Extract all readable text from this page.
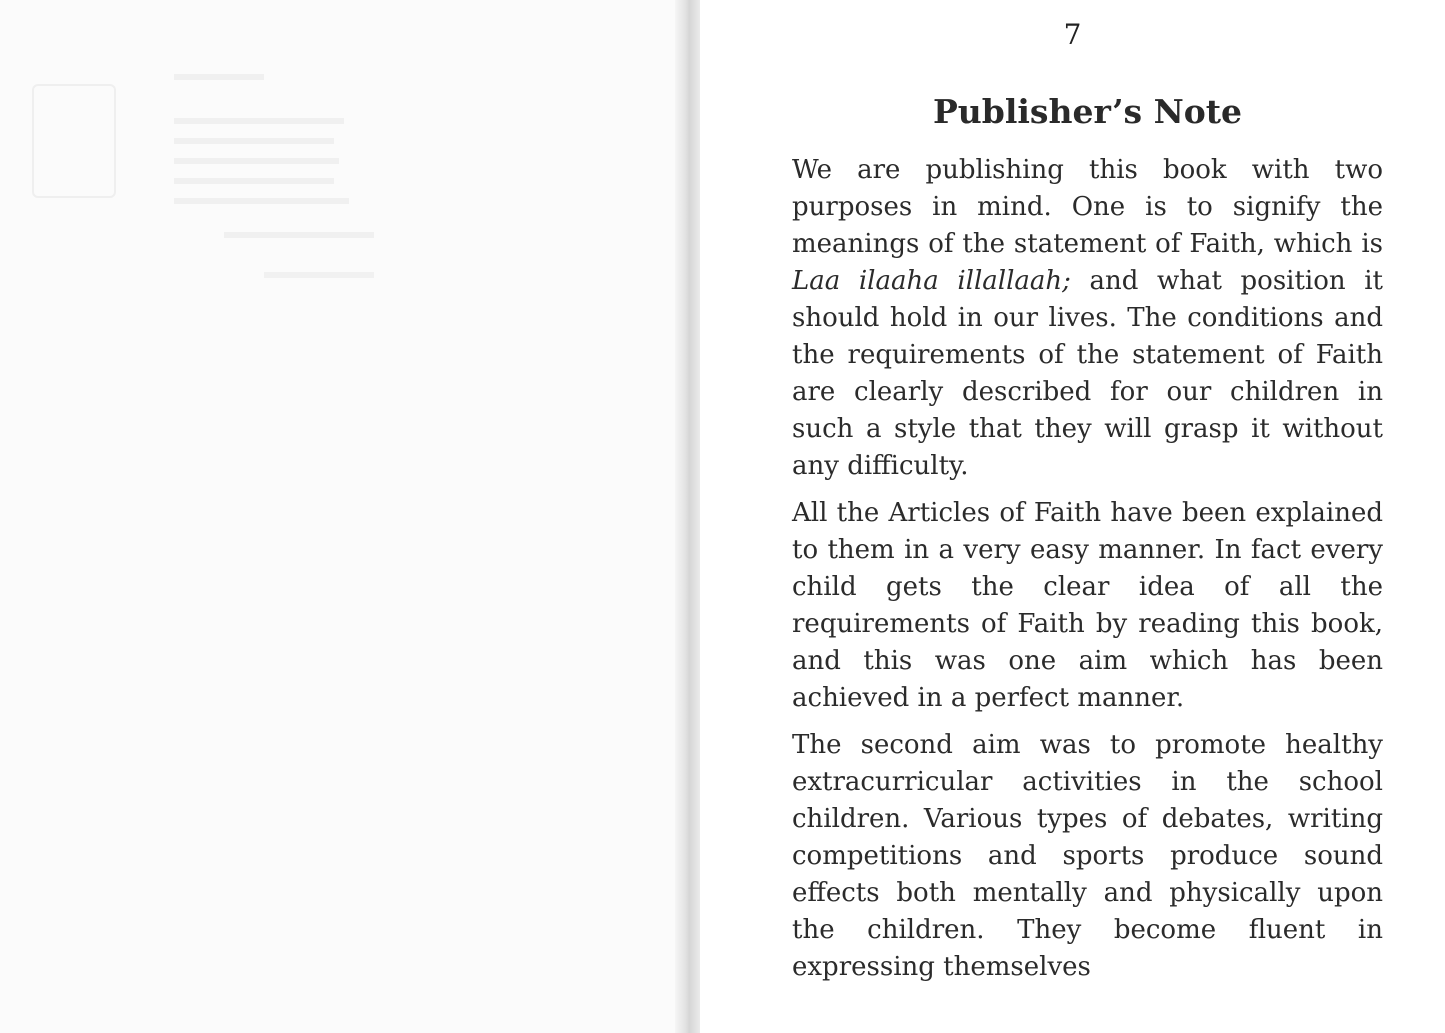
7
Publisher’s Note

We are publishing this book with two purposes in mind. One is to signify the meanings of the statement of Faith, which is Laa ilaaha illallaah; and what position it should hold in our lives. The conditions and the requirements of the statement of Faith are clearly described for our children in such a style that they will grasp it without any difficulty.

All the Articles of Faith have been explained to them in a very easy manner. In fact every child gets the clear idea of all the requirements of Faith by reading this book, and this was one aim which has been achieved in a perfect manner.

The second aim was to promote healthy extracurricular activities in the school children. Various types of debates, writing competitions and sports produce sound effects both mentally and physically upon the children. They become fluent in expressing themselves
